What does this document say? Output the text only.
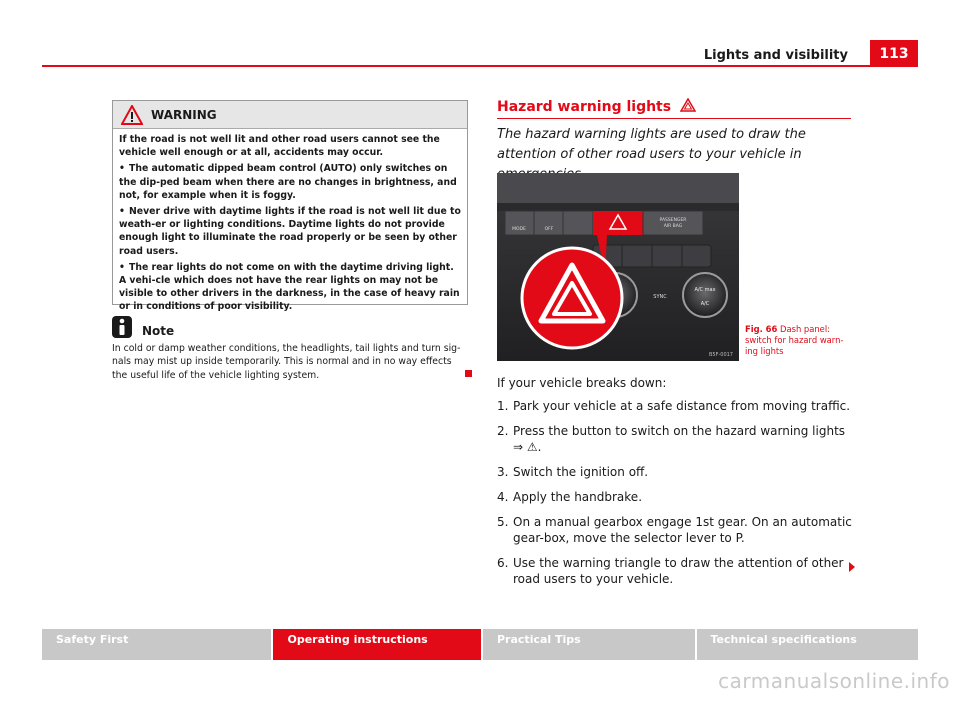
Lights and visibility	113
WARNING

If the road is not well lit and other road users cannot see the vehicle well enough or at all, accidents may occur.

• The automatic dipped beam control (AUTO) only switches on the dip-ped beam when there are no changes in brightness, and not, for example when it is foggy.

• Never drive with daytime lights if the road is not well lit due to weath-er or lighting conditions. Daytime lights do not provide enough light to illuminate the road properly or be seen by other road users.

• The rear lights do not come on with the daytime driving light. A vehi-cle which does not have the rear lights on may not be visible to other drivers in the darkness, in the case of heavy rain or in conditions of poor visibility.

Note
In cold or damp weather conditions, the headlights, tail lights and turn sig-nals may mist up inside temporarily. This is normal and in no way effects the useful life of the vehicle lighting system.
Hazard warning lights
The hazard warning lights are used to draw the attention of other road users to your vehicle in
MODE	OFF
PASSENGER
AIR BAG
SYNC
A/C max
A/C
B5F-0017
Fig. 66 Dash panel: switch for hazard warn-ing lights
If your vehicle breaks down:
1. Park your vehicle at a safe distance from moving traffic.
2. Press the button to switch on the hazard warning lights ⇒ ⚠.
3. Switch the ignition off.
4. Apply the handbrake.
5. On a manual gearbox engage 1st gear. On an automatic gear-box, move the selector lever to P.
6. Use the warning triangle to draw the attention of other road users to your vehicle.
Safety First	Operating instructions	Practical Tips	Technical specifications
carmanualsonline.info
